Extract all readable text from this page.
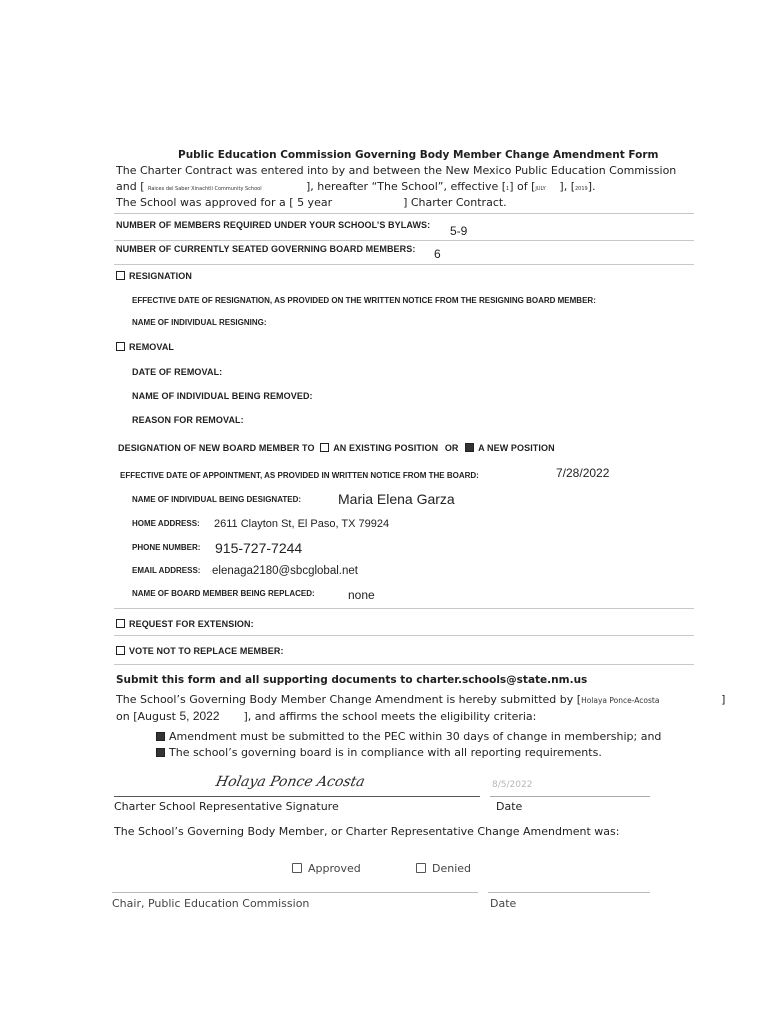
Public Education Commission Governing Body Member Change Amendment Form
The Charter Contract was entered into by and between the New Mexico Public Education Commission
and [ Raices del Saber Xinachtli Community School	], hereafter “The School”, effective [1] of [JULY ], [2019].
The School was approved for a [ 5 year	] Charter Contract.
NUMBER OF MEMBERS REQUIRED UNDER YOUR SCHOOL’S BYLAWS: 5-9
NUMBER OF CURRENTLY SEATED GOVERNING BOARD MEMBERS: 6
RESIGNATION
EFFECTIVE DATE OF RESIGNATION, AS PROVIDED ON THE WRITTEN NOTICE FROM THE RESIGNING BOARD MEMBER:
NAME OF INDIVIDUAL RESIGNING:
REMOVAL
DATE OF REMOVAL:
NAME OF INDIVIDUAL BEING REMOVED:
REASON FOR REMOVAL:
DESIGNATION OF NEW BOARD MEMBER TO AN EXISTING POSITION OR A NEW POSITION
EFFECTIVE DATE OF APPOINTMENT, AS PROVIDED IN WRITTEN NOTICE FROM THE BOARD:	7/28/2022
NAME OF INDIVIDUAL BEING DESIGNATED:	Maria Elena Garza
HOME ADDRESS: 2611 Clayton St, El Paso, TX 79924
PHONE NUMBER: 915-727-7244
EMAIL ADDRESS: elenaga2180@sbcglobal.net
NAME OF BOARD MEMBER BEING REPLACED:	none
REQUEST FOR EXTENSION:
VOTE NOT TO REPLACE MEMBER:
Submit this form and all supporting documents to charter.schools@state.nm.us
The School’s Governing Body Member Change Amendment is hereby submitted by [Holaya Ponce-Acosta	]
on [August 5, 2022 ], and affirms the school meets the eligibility criteria:
Amendment must be submitted to the PEC within 30 days of change in membership; and
The school’s governing board is in compliance with all reporting requirements.
Holaya Ponce Acosta	8/5/2022
Charter School Representative Signature	Date
The School’s Governing Body Member, or Charter Representative Change Amendment was:
Approved	Denied
Chair, Public Education Commission	Date
